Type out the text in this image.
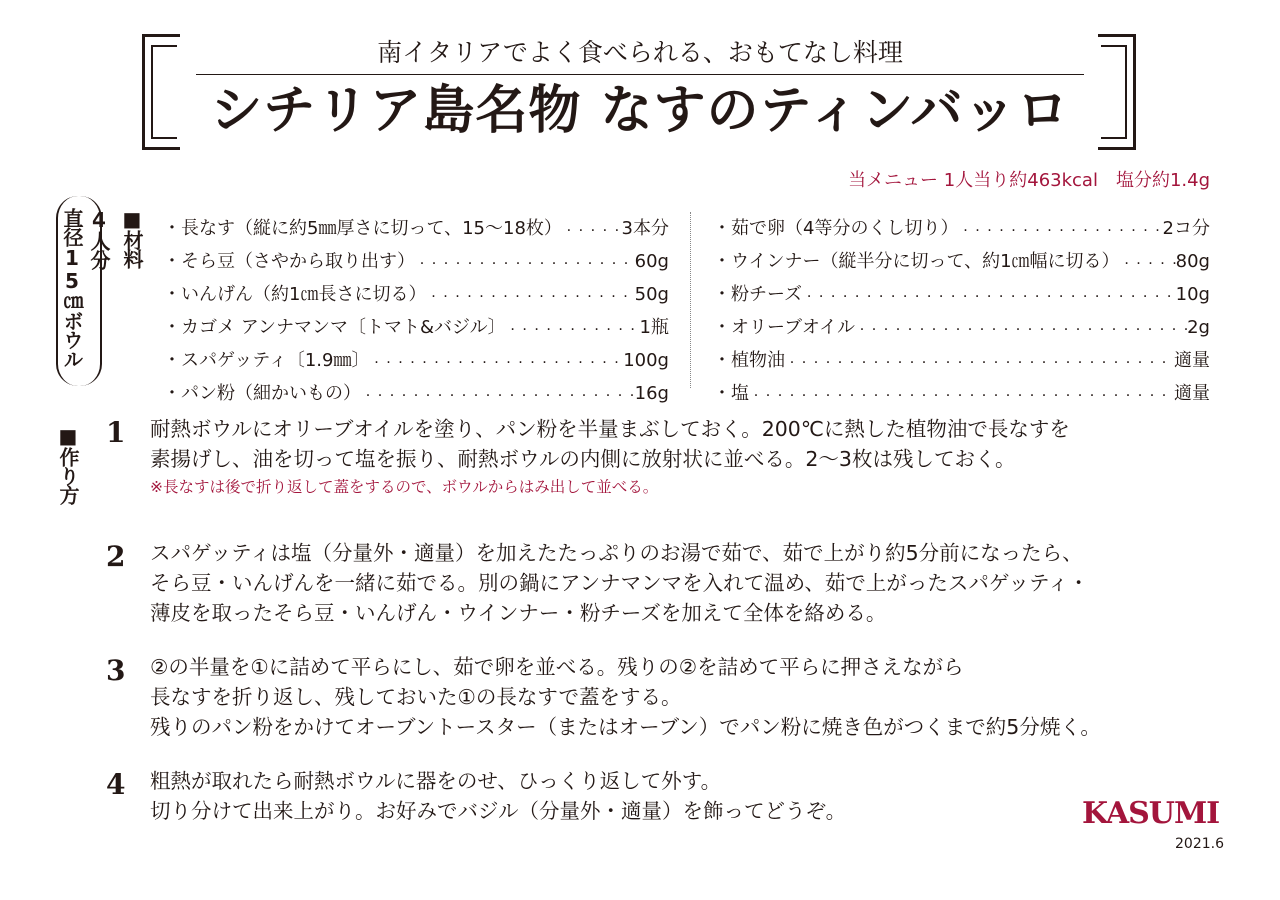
南イタリアでよく食べられる、おもてなし料理
シチリア島名物 なすのティンバッロ
当メニュー 1人当り約463kcal　塩分約1.4g
4人分
直径15㎝ボウル ■材料 ・長なす（縦に約5㎜厚さに切って、15〜18枚） ・・・・・・・・・・・・・・・・・・・・・・・・・・・・・・・・・・・・・・・・・・・・・・・・・・・・・・・・・・・・	3本分
・そら豆（さやから取り出す） ・・・・・・・・・・・・・・・・・・・・・・・・・・・・・・・・・・・・・・・・・・・・・・・・・・・・・・・・・・・・	60g
・いんげん（約1㎝長さに切る） ・・・・・・・・・・・・・・・・・・・・・・・・・・・・・・・・・・・・・・・・・・・・・・・・・・・・・・・・・・・・	50g
・カゴメ アンナマンマ〔トマト&バジル〕 ・・・・・・・・・・・・・・・・・・・・・・・・・・・・・・・・・・・・・・・・・・・・・・・・・・・・・・・・・・・・	1瓶
・スパゲッティ〔1.9㎜〕 ・・・・・・・・・・・・・・・・・・・・・・・・・・・・・・・・・・・・・・・・・・・・・・・・・・・・・・・・・・・・	100g
・パン粉（細かいもの） ・・・・・・・・・・・・・・・・・・・・・・・・・・・・・・・・・・・・・・・・・・・・・・・・・・・・・・・・・・・・	16g
・茹で卵（4等分のくし切り） ・・・・・・・・・・・・・・・・・・・・・・・・・・・・・・・・・・・・・・・・・・・・・・・・・・・・・・・・・・・・	2コ分
・ウインナー（縦半分に切って、約1㎝幅に切る） ・・・・・・・・・・・・・・・・・・・・・・・・・・・・・・・・・・・・・・・・・・・・・・・・・・・・・・・・・・・・	80g
・粉チーズ ・・・・・・・・・・・・・・・・・・・・・・・・・・・・・・・・・・・・・・・・・・・・・・・・・・・・・・・・・・・・	10g
・オリーブオイル ・・・・・・・・・・・・・・・・・・・・・・・・・・・・・・・・・・・・・・・・・・・・・・・・・・・・・・・・・・・・	2g
・植物油 ・・・・・・・・・・・・・・・・・・・・・・・・・・・・・・・・・・・・・・・・・・・・・・・・・・・・・・・・・・・・	適量
・塩 ・・・・・・・・・・・・・・・・・・・・・・・・・・・・・・・・・・・・・・・・・・・・・・・・・・・・・・・・・・・・	適量
■作り方 1 耐熱ボウルにオリーブオイルを塗り、パン粉を半量まぶしておく。200℃に熱した植物油で長なすを
素揚げし、油を切って塩を振り、耐熱ボウルの内側に放射状に並べる。2〜3枚は残しておく。
※長なすは後で折り返して蓋をするので、ボウルからはみ出して並べる。
2 スパゲッティは塩（分量外・適量）を加えたたっぷりのお湯で茹で、茹で上がり約5分前になったら、
そら豆・いんげんを一緒に茹でる。別の鍋にアンナマンマを入れて温め、茹で上がったスパゲッティ・
薄皮を取ったそら豆・いんげん・ウインナー・粉チーズを加えて全体を絡める。
3 ②の半量を①に詰めて平らにし、茹で卵を並べる。残りの②を詰めて平らに押さえながら
長なすを折り返し、残しておいた①の長なすで蓋をする。
残りのパン粉をかけてオーブントースター（またはオーブン）でパン粉に焼き色がつくまで約5分焼く。
4 粗熱が取れたら耐熱ボウルに器をのせ、ひっくり返して外す。
切り分けて出来上がり。お好みでバジル（分量外・適量）を飾ってどうぞ。	KASUMI
2021.6
